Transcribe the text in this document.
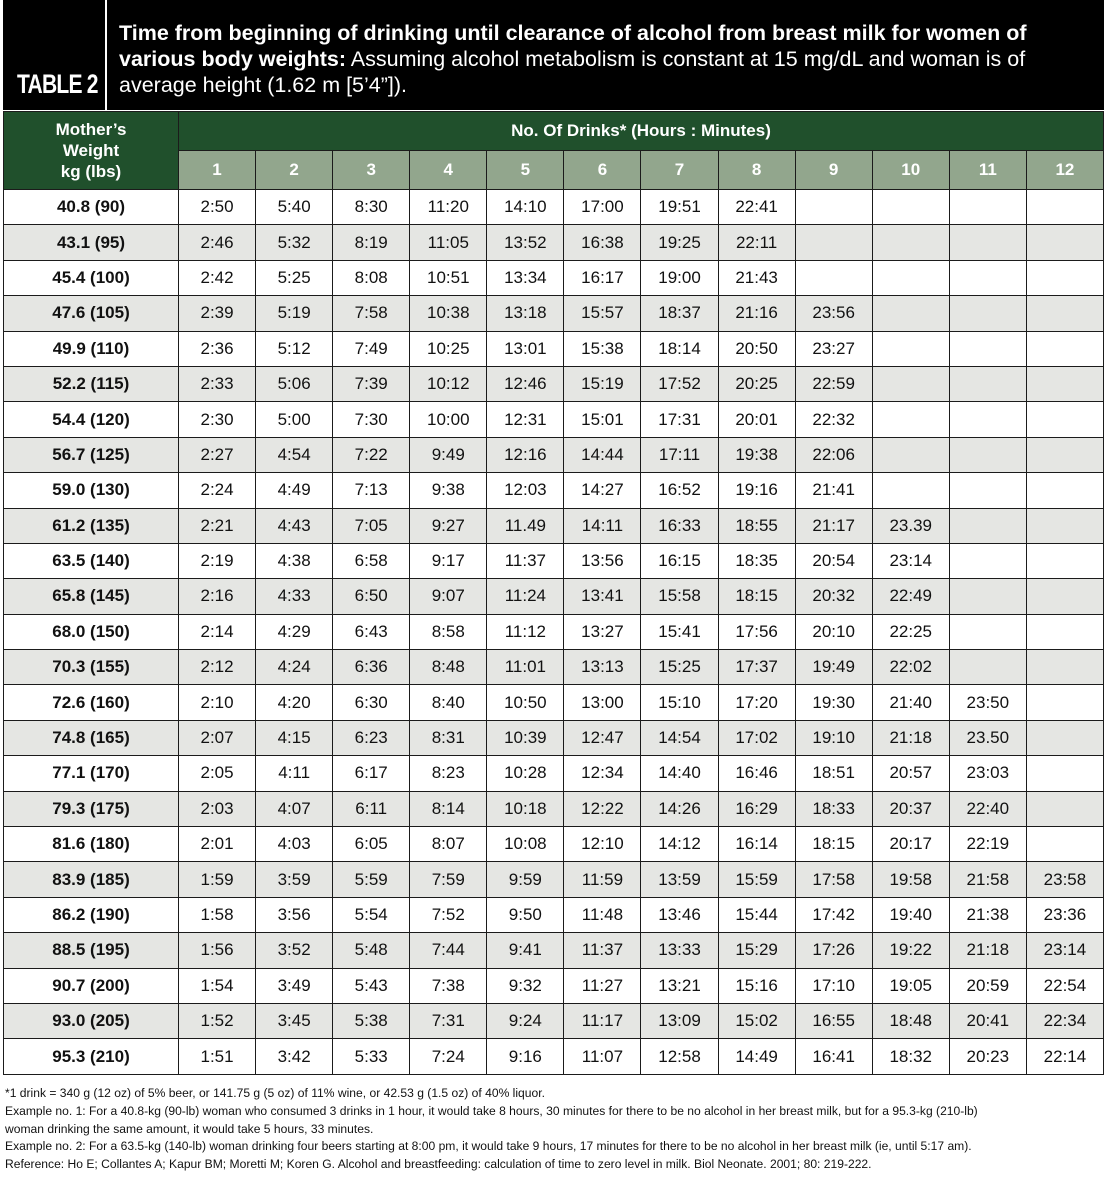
TABLE 2
Time from beginning of drinking until clearance of alcohol from breast milk for women of various body weights: Assuming alcohol metabolism is constant at 15 mg/dL and woman is of average height (1.62 m [5’4”]).
Mother’s
Weight
kg (lbs)	No. Of Drinks* (Hours : Minutes)											
	1	2	3	4	5	6	7	8	9	10	11	12
40.8 (90)	2:50	5:40	8:30	11:20	14:10	17:00	19:51	22:41				
43.1 (95)	2:46	5:32	8:19	11:05	13:52	16:38	19:25	22:11				
45.4 (100)	2:42	5:25	8:08	10:51	13:34	16:17	19:00	21:43				
47.6 (105)	2:39	5:19	7:58	10:38	13:18	15:57	18:37	21:16	23:56			
49.9 (110)	2:36	5:12	7:49	10:25	13:01	15:38	18:14	20:50	23:27			
52.2 (115)	2:33	5:06	7:39	10:12	12:46	15:19	17:52	20:25	22:59			
54.4 (120)	2:30	5:00	7:30	10:00	12:31	15:01	17:31	20:01	22:32			
56.7 (125)	2:27	4:54	7:22	9:49	12:16	14:44	17:11	19:38	22:06			
59.0 (130)	2:24	4:49	7:13	9:38	12:03	14:27	16:52	19:16	21:41			
61.2 (135)	2:21	4:43	7:05	9:27	11.49	14:11	16:33	18:55	21:17	23.39		
63.5 (140)	2:19	4:38	6:58	9:17	11:37	13:56	16:15	18:35	20:54	23:14		
65.8 (145)	2:16	4:33	6:50	9:07	11:24	13:41	15:58	18:15	20:32	22:49		
68.0 (150)	2:14	4:29	6:43	8:58	11:12	13:27	15:41	17:56	20:10	22:25		
70.3 (155)	2:12	4:24	6:36	8:48	11:01	13:13	15:25	17:37	19:49	22:02		
72.6 (160)	2:10	4:20	6:30	8:40	10:50	13:00	15:10	17:20	19:30	21:40	23:50	
74.8 (165)	2:07	4:15	6:23	8:31	10:39	12:47	14:54	17:02	19:10	21:18	23.50	
77.1 (170)	2:05	4:11	6:17	8:23	10:28	12:34	14:40	16:46	18:51	20:57	23:03	
79.3 (175)	2:03	4:07	6:11	8:14	10:18	12:22	14:26	16:29	18:33	20:37	22:40	
81.6 (180)	2:01	4:03	6:05	8:07	10:08	12:10	14:12	16:14	18:15	20:17	22:19	
83.9 (185)	1:59	3:59	5:59	7:59	9:59	11:59	13:59	15:59	17:58	19:58	21:58	23:58
86.2 (190)	1:58	3:56	5:54	7:52	9:50	11:48	13:46	15:44	17:42	19:40	21:38	23:36
88.5 (195)	1:56	3:52	5:48	7:44	9:41	11:37	13:33	15:29	17:26	19:22	21:18	23:14
90.7 (200)	1:54	3:49	5:43	7:38	9:32	11:27	13:21	15:16	17:10	19:05	20:59	22:54
93.0 (205)	1:52	3:45	5:38	7:31	9:24	11:17	13:09	15:02	16:55	18:48	20:41	22:34
95.3 (210)	1:51	3:42	5:33	7:24	9:16	11:07	12:58	14:49	16:41	18:32	20:23	22:14
*1 drink = 340 g (12 oz) of 5% beer, or 141.75 g (5 oz) of 11% wine, or 42.53 g (1.5 oz) of 40% liquor.
Example no. 1: For a 40.8-kg (90-lb) woman who consumed 3 drinks in 1 hour, it would take 8 hours, 30 minutes for there to be no alcohol in her breast milk, but for a 95.3-kg (210-lb)
woman drinking the same amount, it would take 5 hours, 33 minutes.
Example no. 2: For a 63.5-kg (140-lb) woman drinking four beers starting at 8:00 pm, it would take 9 hours, 17 minutes for there to be no alcohol in her breast milk (ie, until 5:17 am).
Reference: Ho E; Collantes A; Kapur BM; Moretti M; Koren G. Alcohol and breastfeeding: calculation of time to zero level in milk. Biol Neonate. 2001; 80: 219-222.
